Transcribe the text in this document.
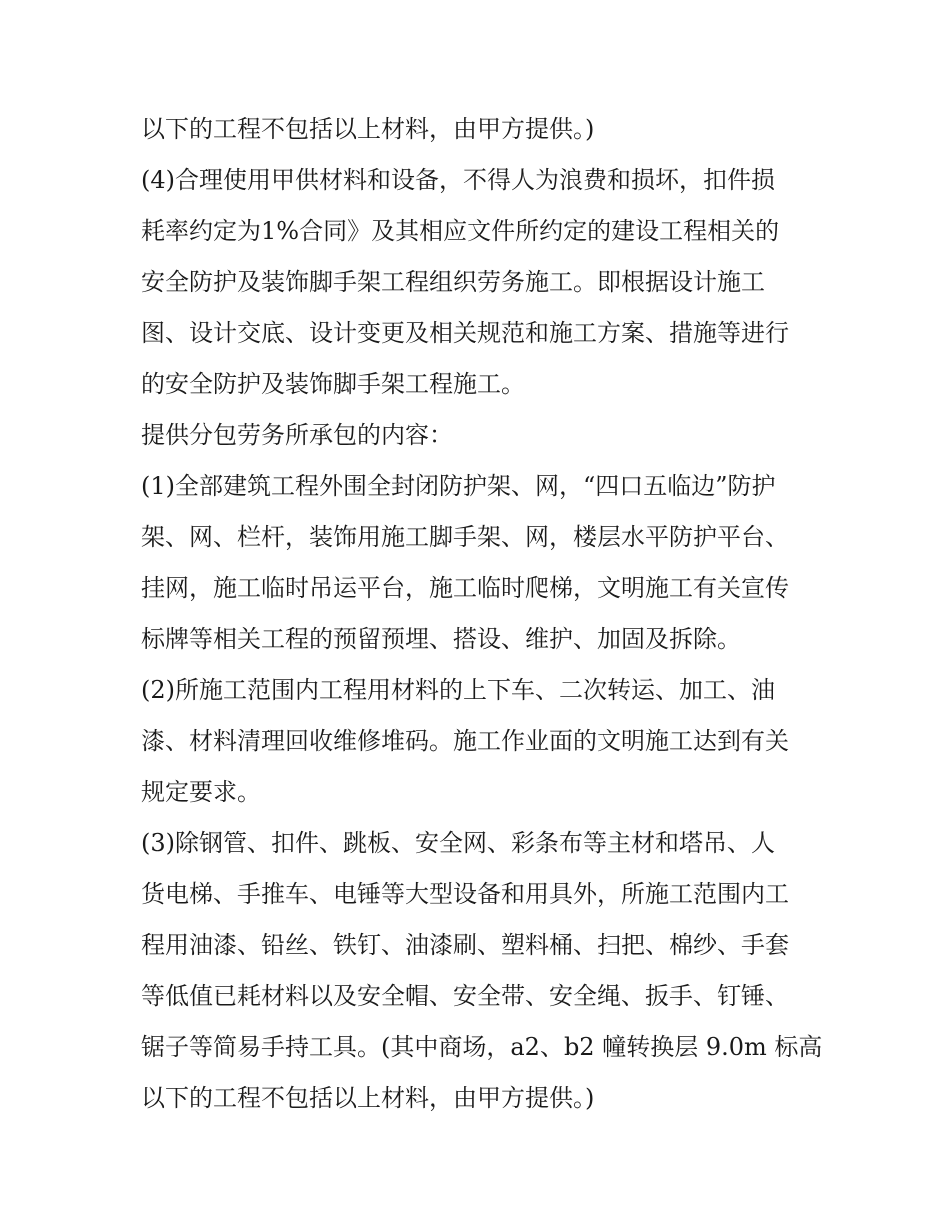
以下的工程不包括以上材料，由甲方提供。)
(4)合理使用甲供材料和设备，不得人为浪费和损坏，扣件损
耗率约定为1%合同》及其相应文件所约定的建设工程相关的
安全防护及装饰脚手架工程组织劳务施工。即根据设计施工
图、设计交底、设计变更及相关规范和施工方案、措施等进行
的安全防护及装饰脚手架工程施工。
提供分包劳务所承包的内容：
(1)全部建筑工程外围全封闭防护架、网，“四口五临边”防护
架、网、栏杆，装饰用施工脚手架、网，楼层水平防护平台、
挂网，施工临时吊运平台，施工临时爬梯，文明施工有关宣传
标牌等相关工程的预留预埋、搭设、维护、加固及拆除。
(2)所施工范围内工程用材料的上下车、二次转运、加工、油
漆、材料清理回收维修堆码。施工作业面的文明施工达到有关
规定要求。
(3)除钢管、扣件、跳板、安全网、彩条布等主材和塔吊、人
货电梯、手推车、电锤等大型设备和用具外，所施工范围内工
程用油漆、铅丝、铁钉、油漆刷、塑料桶、扫把、棉纱、手套
等低值已耗材料以及安全帽、安全带、安全绳、扳手、钉锤、
锯子等简易手持工具。(其中商场，a2、b2 幢转换层 9.0m 标高
以下的工程不包括以上材料，由甲方提供。)
